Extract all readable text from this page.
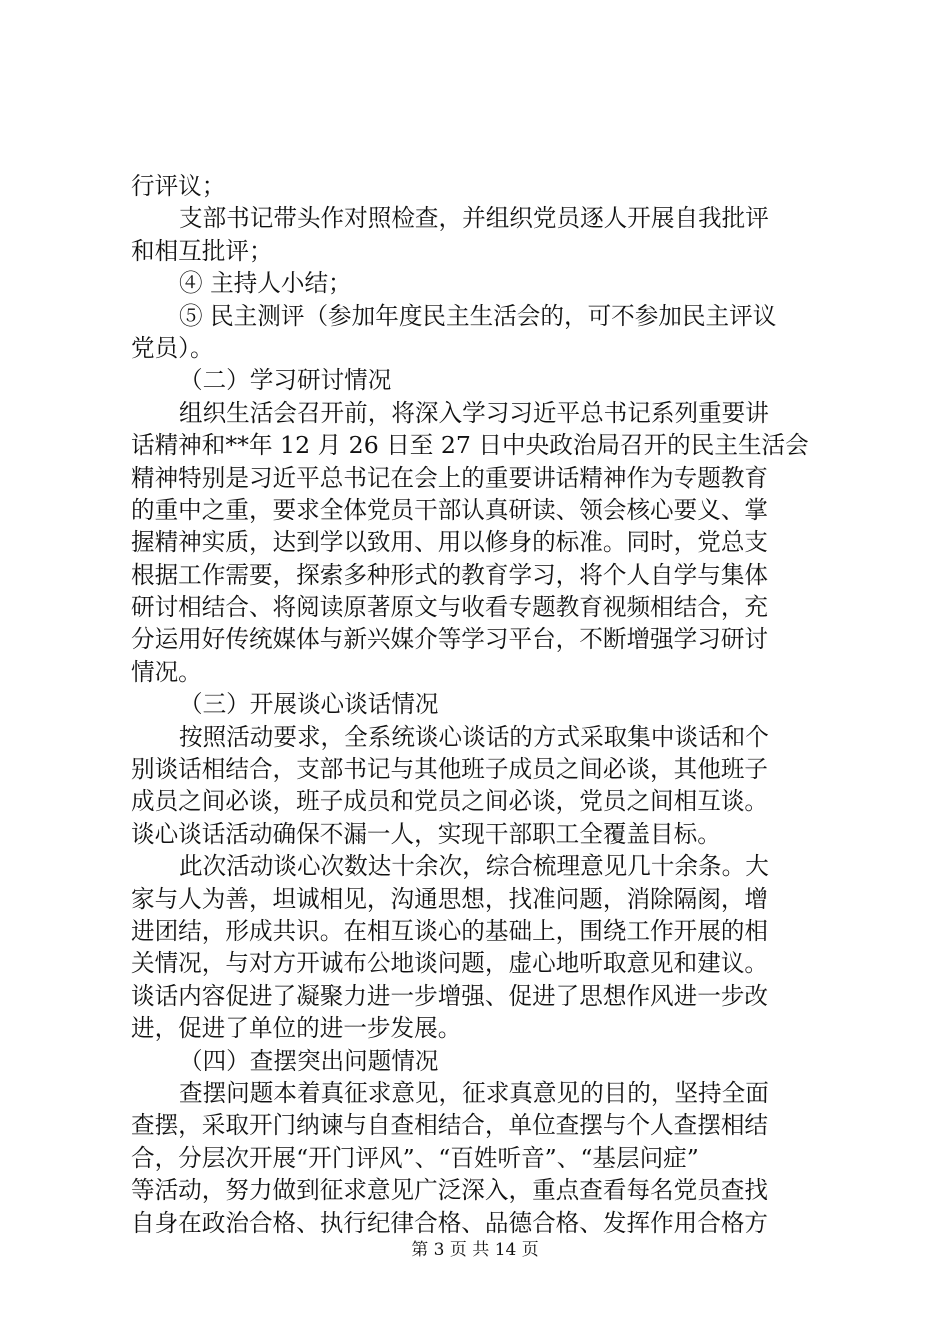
行评议；
支部书记带头作对照检查，并组织党员逐人开展自我批评
和相互批评；
④ 主持人小结；
⑤ 民主测评（参加年度民主生活会的，可不参加民主评议
党员）。
（二）学习研讨情况
组织生活会召开前，将深入学习习近平总书记系列重要讲
话精神和**年 12 月 26 日至 27 日中央政治局召开的民主生活会
精神特别是习近平总书记在会上的重要讲话精神作为专题教育
的重中之重，要求全体党员干部认真研读、领会核心要义、掌
握精神实质，达到学以致用、用以修身的标准。同时，党总支
根据工作需要，探索多种形式的教育学习，将个人自学与集体
研讨相结合、将阅读原著原文与收看专题教育视频相结合，充
分运用好传统媒体与新兴媒介等学习平台，不断增强学习研讨
情况。
（三）开展谈心谈话情况
按照活动要求，全系统谈心谈话的方式采取集中谈话和个
别谈话相结合，支部书记与其他班子成员之间必谈，其他班子
成员之间必谈，班子成员和党员之间必谈，党员之间相互谈。
谈心谈话活动确保不漏一人，实现干部职工全覆盖目标。
此次活动谈心次数达十余次，综合梳理意见几十余条。大
家与人为善，坦诚相见，沟通思想，找准问题，消除隔阂，增
进团结，形成共识。在相互谈心的基础上，围绕工作开展的相
关情况，与对方开诚布公地谈问题，虚心地听取意见和建议。
谈话内容促进了凝聚力进一步增强、促进了思想作风进一步改
进，促进了单位的进一步发展。
（四）查摆突出问题情况
查摆问题本着真征求意见，征求真意见的目的，坚持全面
查摆，采取开门纳谏与自查相结合，单位查摆与个人查摆相结
合，分层次开展“开门评风”、“百姓听音”、“基层问症”
等活动，努力做到征求意见广泛深入，重点查看每名党员查找
自身在政治合格、执行纪律合格、品德合格、发挥作用合格方
第 3 页 共 14 页
